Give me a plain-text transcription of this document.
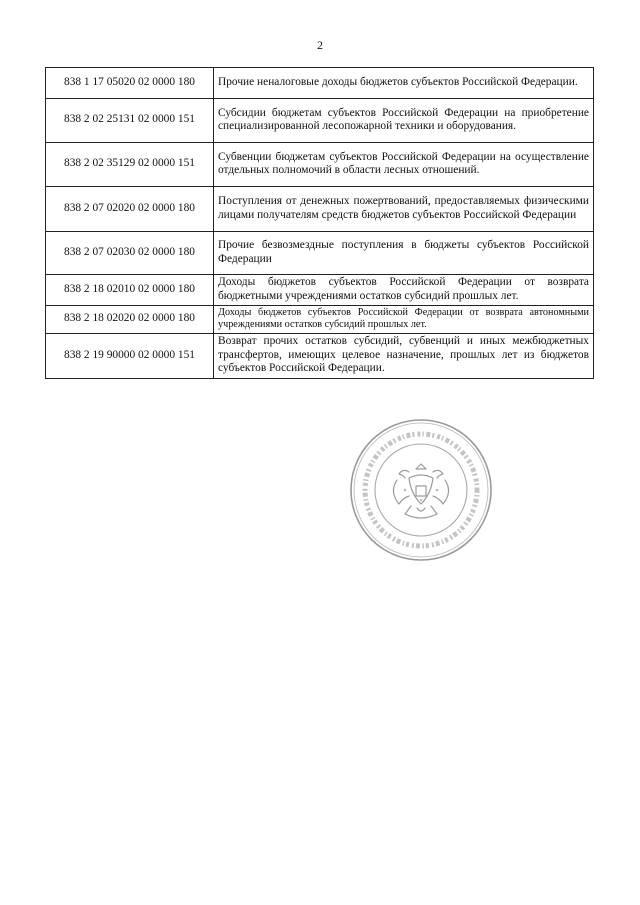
2
838 1 17 05020 02 0000 180	Прочие неналоговые доходы бюджетов субъектов Российской Федерации.
838 2 02 25131 02 0000 151	Субсидии бюджетам субъектов Российской Федерации на приобретение специализированной лесопожарной техники и оборудования.
838 2 02 35129 02 0000 151	Субвенции бюджетам субъектов Российской Федерации на осуществление отдельных полномочий в области лесных отношений.
838 2 07 02020 02 0000 180	Поступления от денежных пожертвований, предоставляемых физическими лицами получателям средств бюджетов субъектов Российской Федерации
838 2 07 02030 02 0000 180	Прочие безвозмездные поступления в бюджеты субъектов Российской Федерации
838 2 18 02010 02 0000 180	Доходы бюджетов субъектов Российской Федерации от возврата бюджетными учреждениями остатков субсидий прошлых лет.
838 2 18 02020 02 0000 180	Доходы бюджетов субъектов Российской Федерации от возврата автономными учреждениями остатков субсидий прошлых лет.
838 2 19 90000 02 0000 151	Возврат прочих остатков субсидий, субвенций и иных межбюджетных трансфертов, имеющих целевое назначение, прошлых лет из бюджетов субъектов Российской Федерации.
